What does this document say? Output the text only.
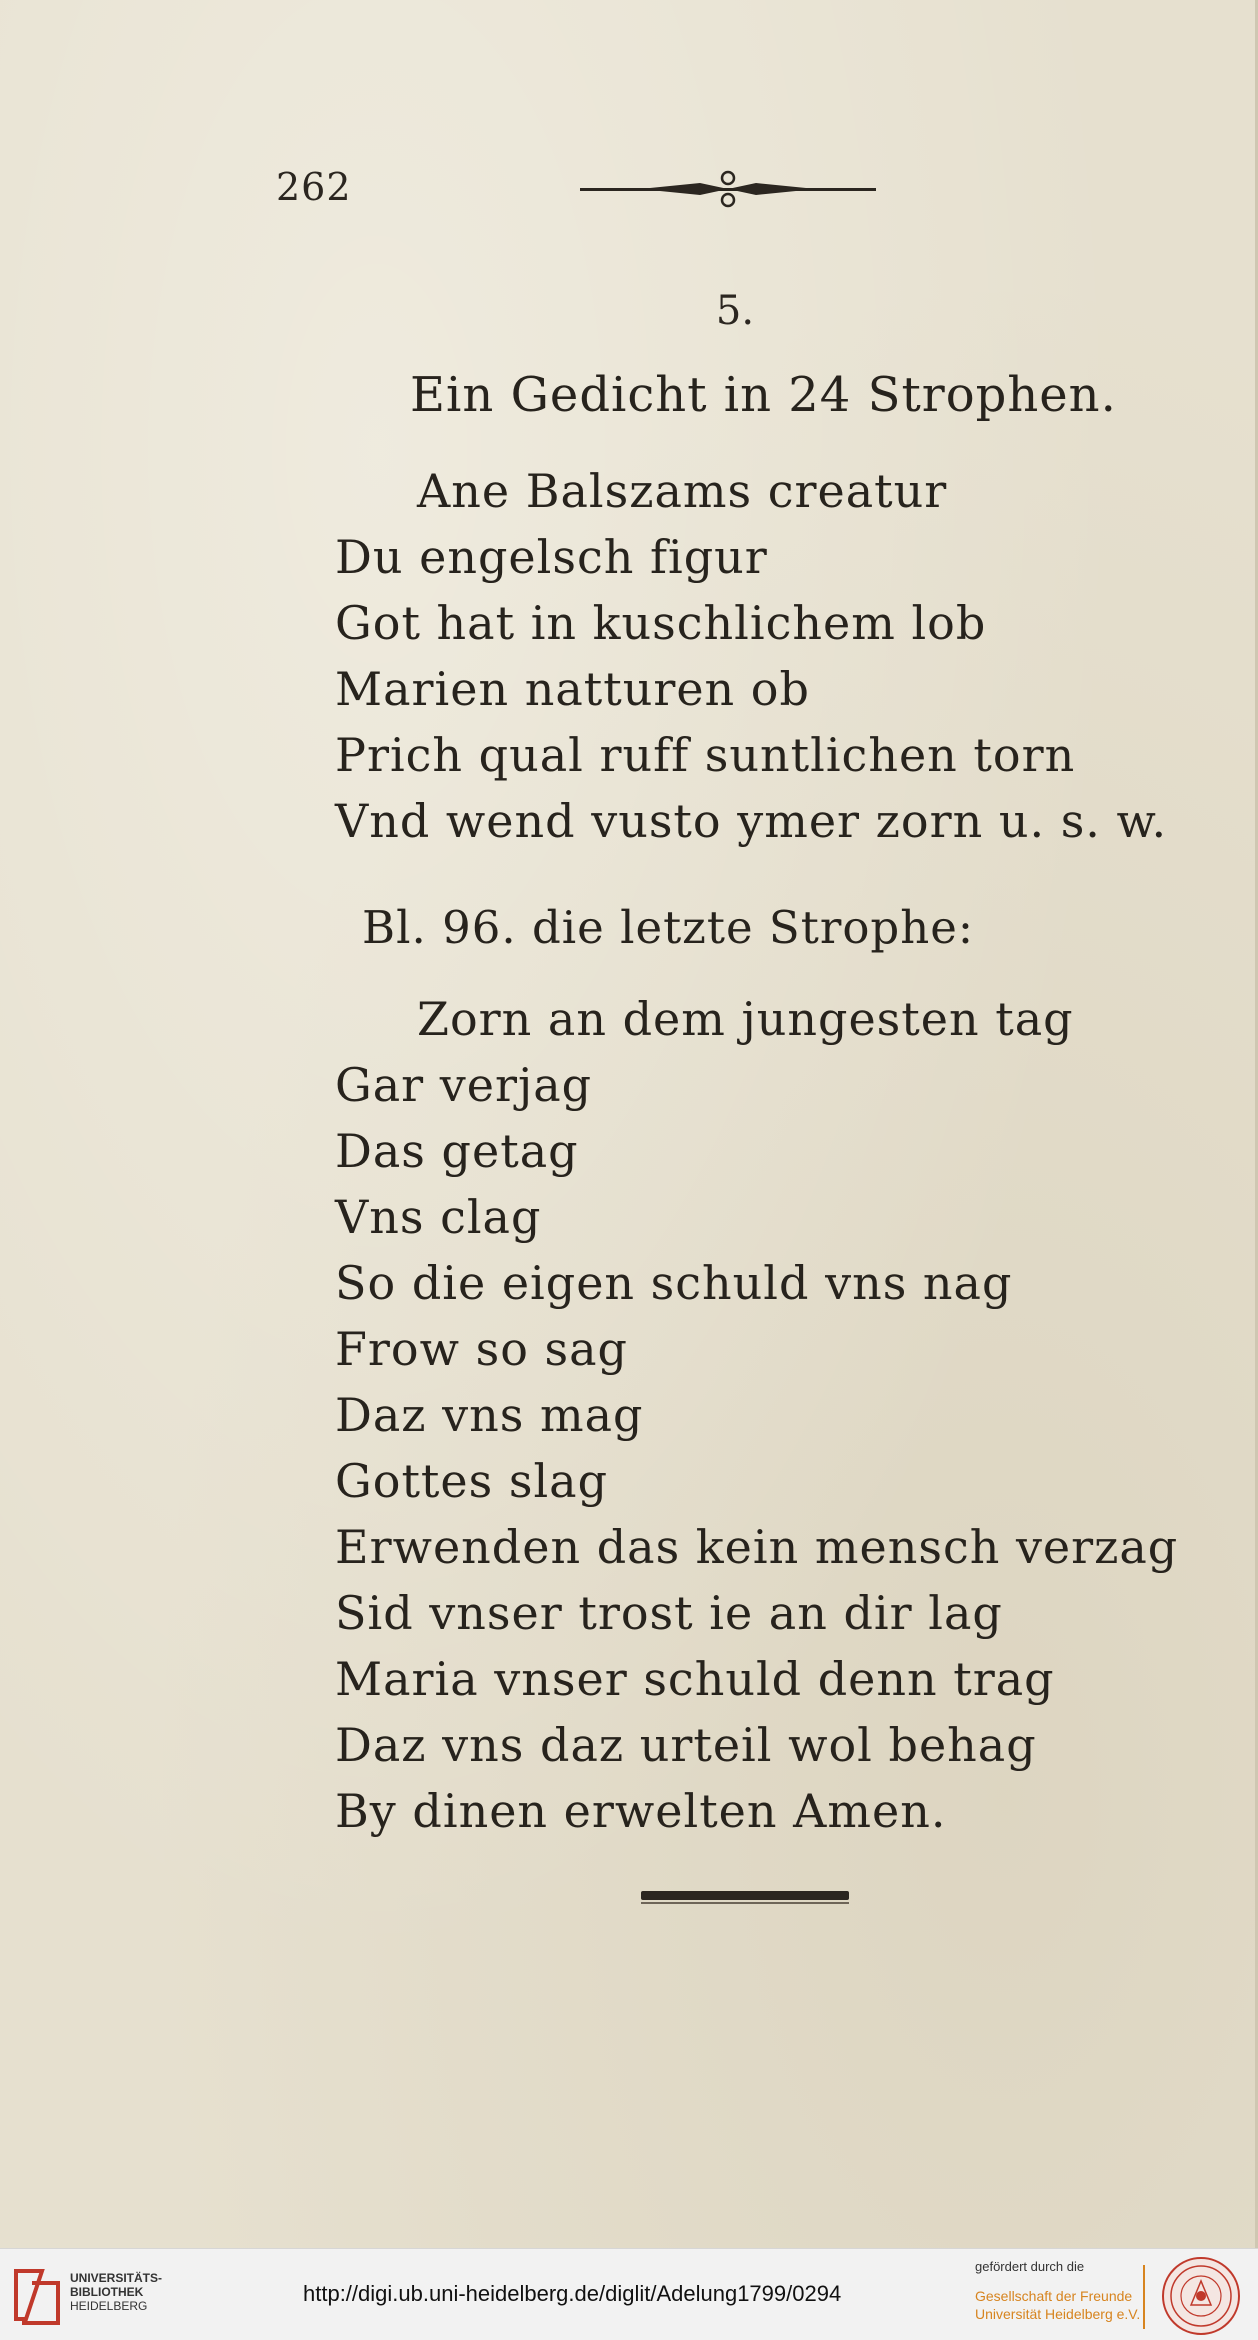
262
5.
Ein Gedicht in 24 Strophen.
Ane Balszams creatur
Du engelsch figur
Got hat in kuschlichem lob
Marien natturen ob
Prich qual ruff suntlichen torn
Vnd wend vusto ymer zorn u. s. w.
Bl. 96. die letzte Strophe:
Zorn an dem jungesten tag
Gar verjag
Das getag
Vns clag
So die eigen schuld vns nag
Frow so sag
Daz vns mag
Gottes slag
Erwenden das kein mensch verzag
Sid vnser trost ie an dir lag
Maria vnser schuld denn trag
Daz vns daz urteil wol behag
By dinen erwelten Amen.
UNIVERSITÄTS-
BIBLIOTHEK
HEIDELBERG	http://digi.ub.uni-heidelberg.de/diglit/Adelung1799/0294
gefördert durch die
Gesellschaft der Freunde
Universität Heidelberg e.V.
